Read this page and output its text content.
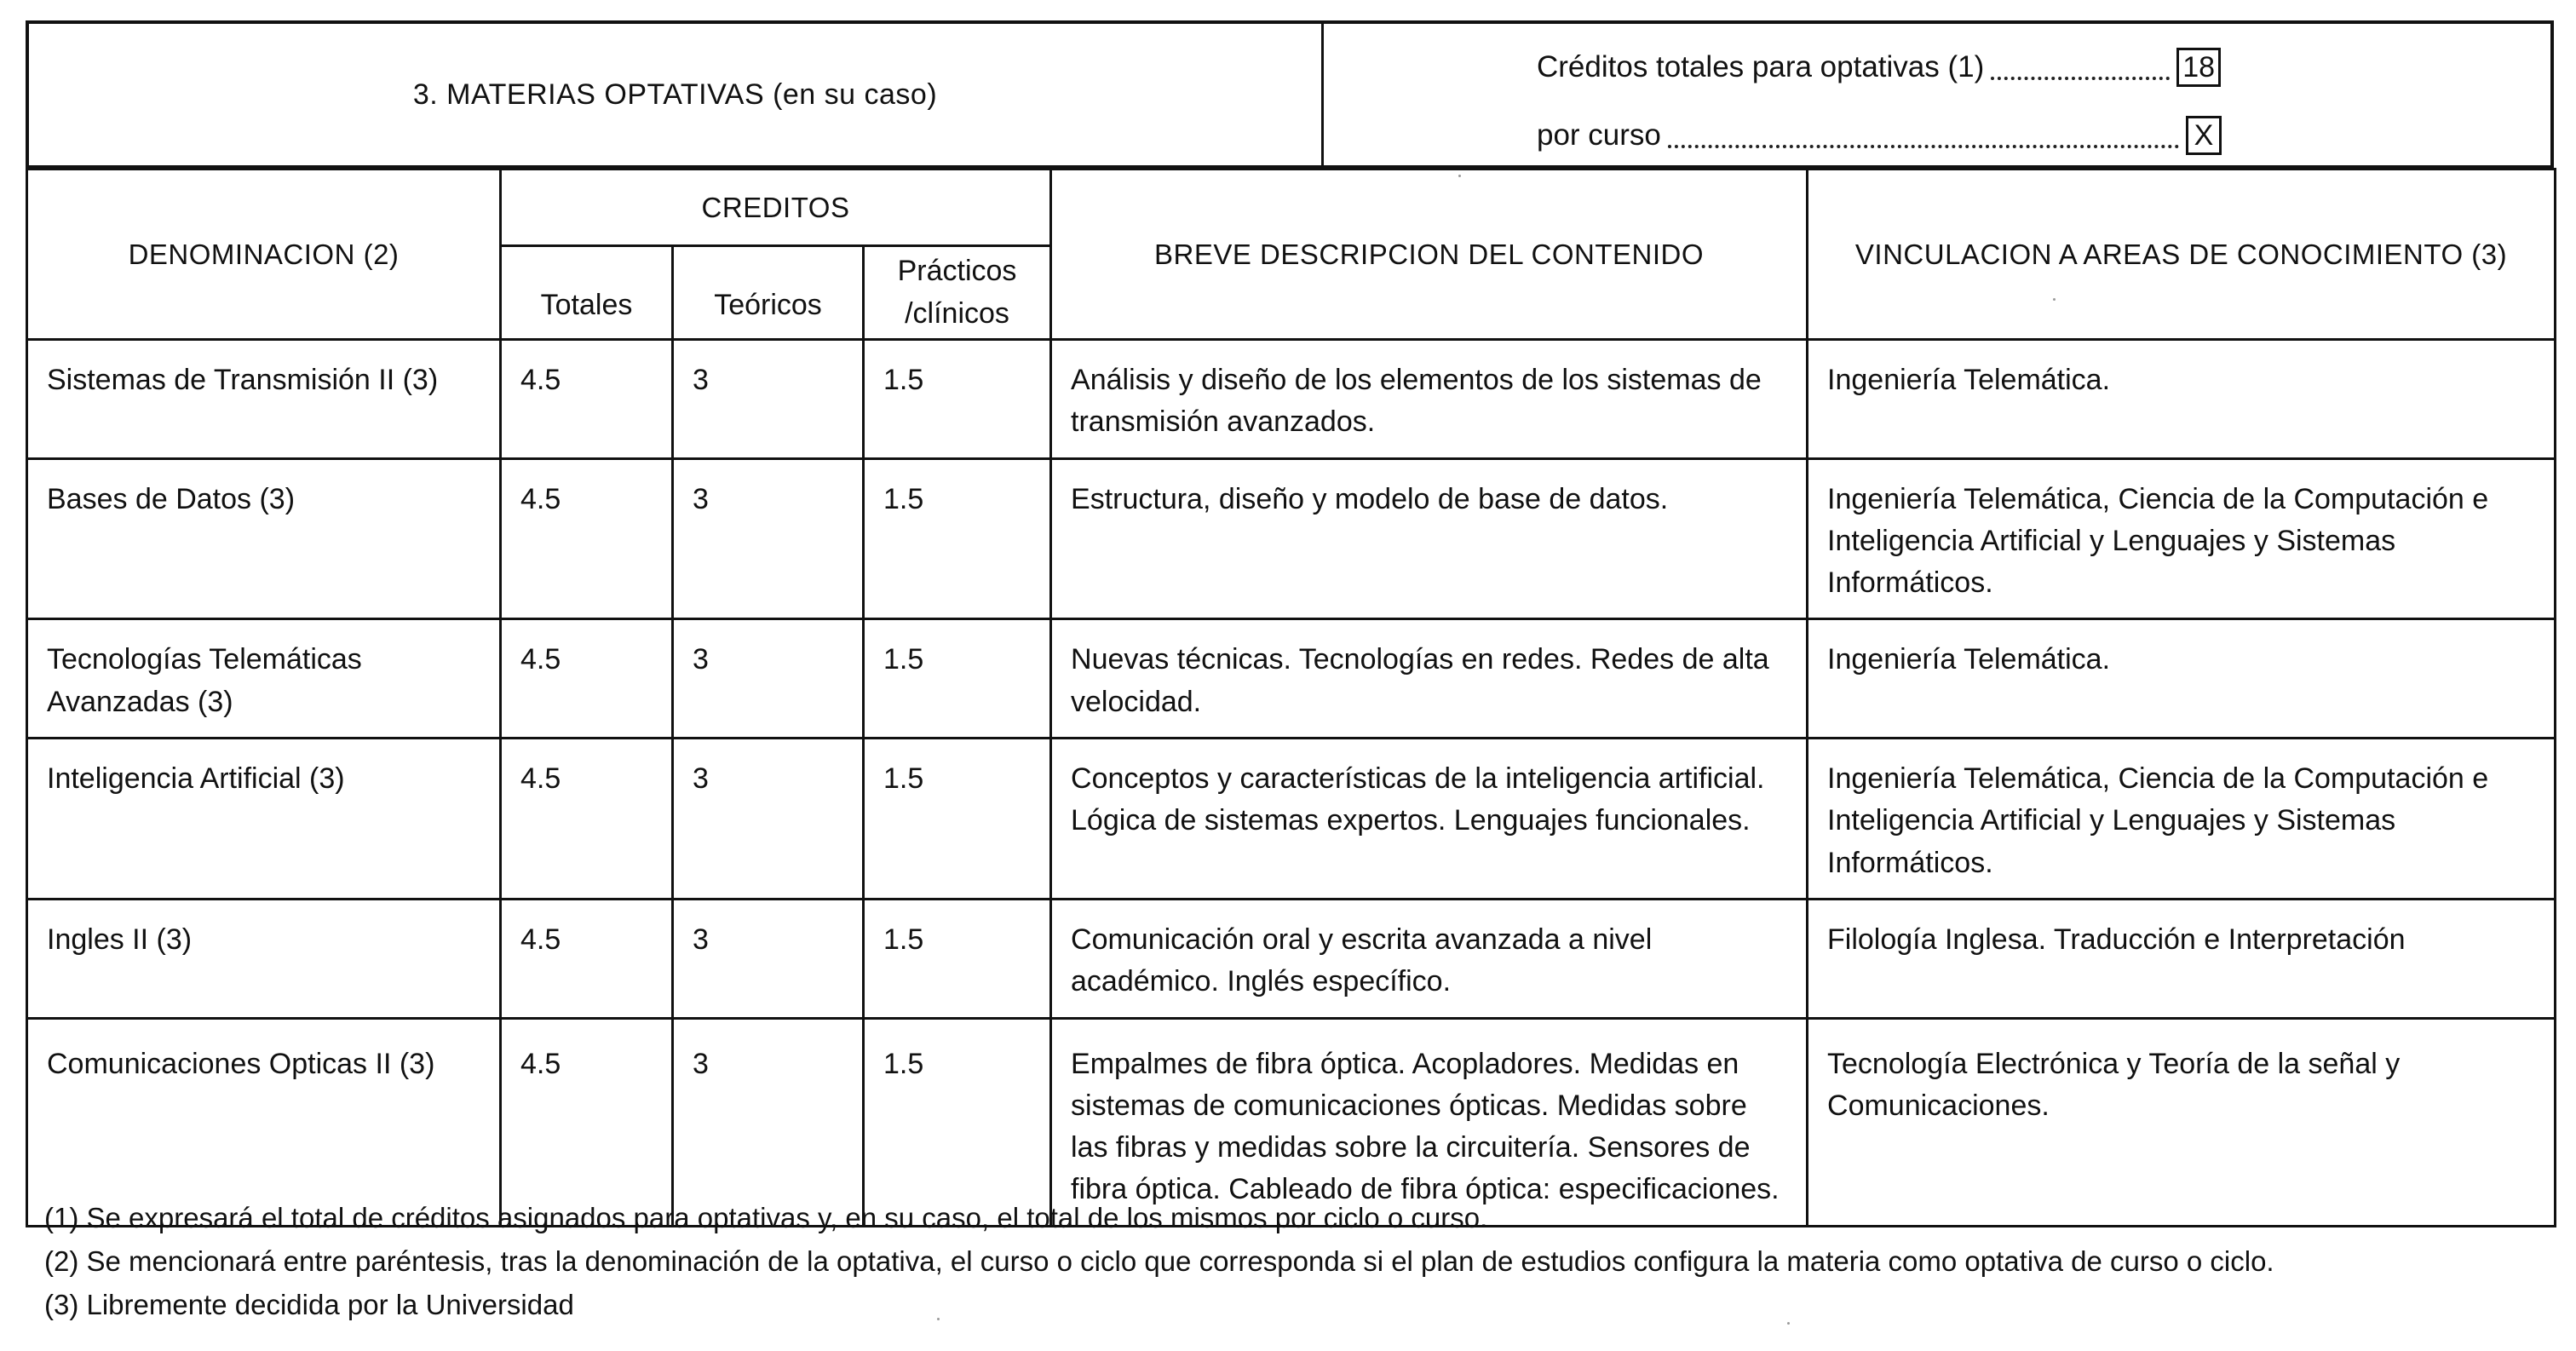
3. MATERIAS OPTATIVAS (en su caso)
Créditos totales para optativas (1)	18
por curso	X
DENOMINACION (2)	CREDITOS			BREVE DESCRIPCION DEL CONTENIDO	VINCULACION A AREAS DE CONOCIMIENTO (3)
	Totales	Teóricos	Prácticos /clínicos		
Sistemas de Transmisión II (3)	4.5	3	1.5	Análisis y diseño de los elementos de los sistemas de transmisión avanzados.	Ingeniería Telemática.
Bases de Datos (3)	4.5	3	1.5	Estructura, diseño y modelo de base de datos.	Ingeniería Telemática, Ciencia de la Computación e Inteligencia Artificial y Lenguajes y Sistemas Informáticos.
Tecnologías Telemáticas Avanzadas (3)	4.5	3	1.5	Nuevas técnicas. Tecnologías en redes. Redes de alta velocidad.	Ingeniería Telemática.
Inteligencia Artificial (3)	4.5	3	1.5	Conceptos y características de la inteligencia artificial. Lógica de sistemas expertos. Lenguajes funcionales.	Ingeniería Telemática, Ciencia de la Computación e Inteligencia Artificial y Lenguajes y Sistemas Informáticos.
Ingles II (3)	4.5	3	1.5	Comunicación oral y escrita avanzada a nivel académico. Inglés específico.	Filología Inglesa. Traducción e Interpretación
Comunicaciones Opticas II (3)	4.5	3	1.5	Empalmes de fibra óptica. Acopladores. Medidas en sistemas de comunicaciones ópticas. Medidas sobre las fibras y medidas sobre la circuitería. Sensores de fibra óptica. Cableado de fibra óptica: especificaciones.	Tecnología Electrónica y Teoría de la señal y Comunicaciones.
(1) Se expresará el total de créditos asignados para optativas y, en su caso, el total de los mismos por ciclo o curso.
(2) Se mencionará entre paréntesis, tras la denominación de la optativa, el curso o ciclo que corresponda si el plan de estudios configura la materia como optativa de curso o ciclo.
(3) Libremente decidida por la Universidad
